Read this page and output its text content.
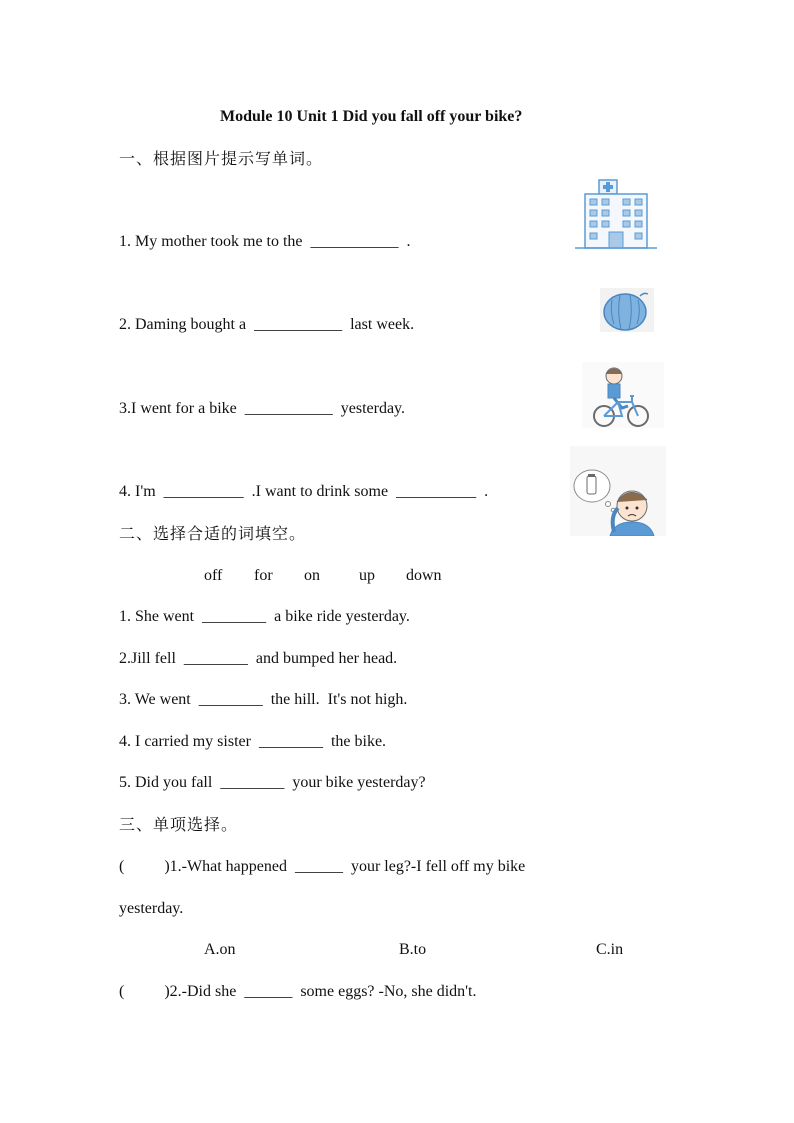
Module 10 Unit 1 Did you fall off your bike?
一、根据图片提示写单词。
1. My mother took me to the  ___________  .
2. Daming bought a  ___________  last week.
3.I went for a bike  ___________  yesterday.
4. I'm  __________  .I want to drink some  __________  .
二、选择合适的词填空。
off for on up down
1. She went  ________  a bike ride yesterday.
2.Jill fell  ________  and bumped her head.
3. We went  ________  the hill.  It's not high.
4. I carried my sister  ________  the bike.
5. Did you fall  ________  your bike yesterday?
三、单项选择。
(          )1.-What happened  ______  your leg?-I fell off my bike
yesterday.
A.on	B.to	C.in
(          )2.-Did she  ______  some eggs? -No, she didn't.
